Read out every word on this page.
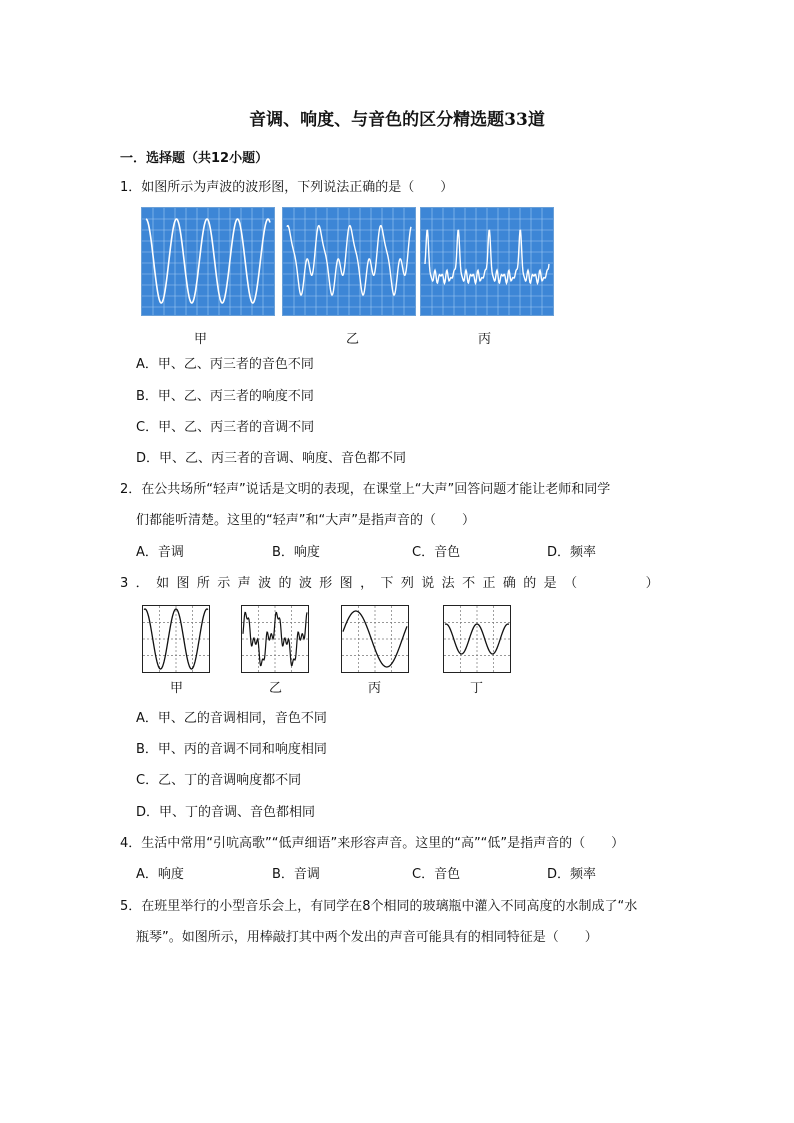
音调、响度、与音色的区分精选题33道
一．选择题（共12小题）
1．如图所示为声波的波形图，下列说法正确的是（　　）
甲	乙	丙
A．甲、乙、丙三者的音色不同
B．甲、乙、丙三者的响度不同
C．甲、乙、丙三者的音调不同
D．甲、乙、丙三者的音调、响度、音色都不同
2．在公共场所“轻声”说话是文明的表现，在课堂上“大声”回答问题才能让老师和同学
们都能听清楚。这里的“轻声”和“大声”是指声音的（　　）
A．音调	B．响度	C．音色	D．频率
3．如图所示声波的波形图，下列说法不正确的是（　　　）
甲	乙	丙	丁
A．甲、乙的音调相同，音色不同
B．甲、丙的音调不同和响度相同
C．乙、丁的音调响度都不同
D．甲、丁的音调、音色都相同
4．生活中常用“引吭高歌”“低声细语”来形容声音。这里的“高”“低”是指声音的（　　）
A．响度	B．音调	C．音色	D．频率
5．在班里举行的小型音乐会上，有同学在8个相同的玻璃瓶中灌入不同高度的水制成了“水
瓶琴”。如图所示，用棒敲打其中两个发出的声音可能具有的相同特征是（　　）
